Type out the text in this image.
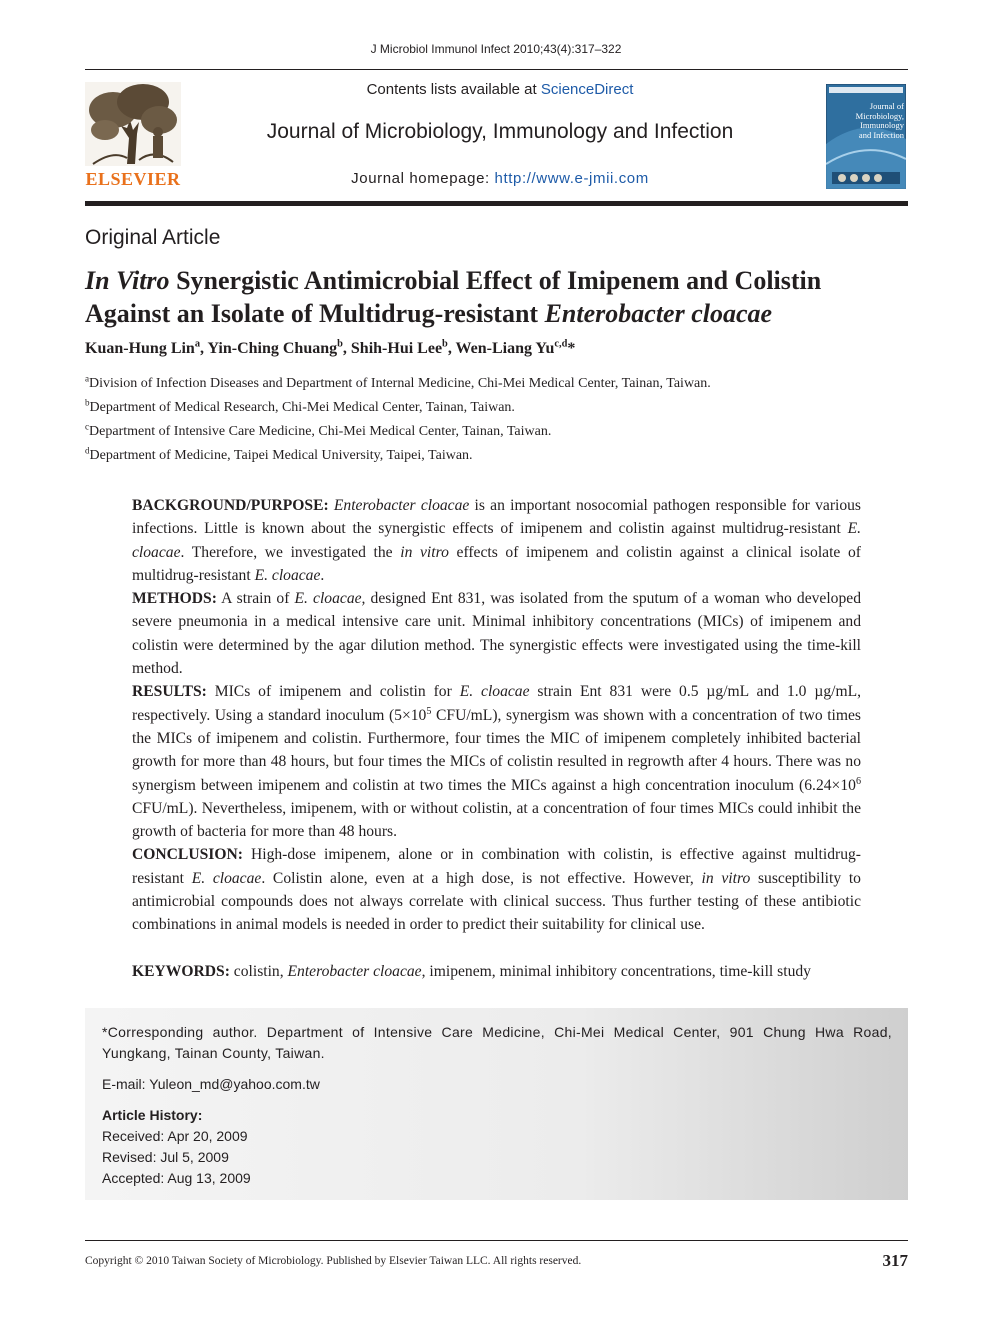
J Microbiol Immunol Infect 2010;43(4):317–322
ELSEVIER
Contents lists available at ScienceDirect
Journal of Microbiology, Immunology and Infection
Journal homepage: http://www.e-jmii.com
Journal of Microbiology, Immunology and Infection
Original Article
In Vitro Synergistic Antimicrobial Effect of Imipenem and Colistin
Against an Isolate of Multidrug-resistant Enterobacter cloacae
Kuan-Hung Lin$^a$, Yin-Ching Chuang$^b$, Shih-Hui Lee$^b$, Wen-Liang Yu$^{c,d}$*
$^a$Division of Infection Diseases and Department of Internal Medicine, Chi-Mei Medical Center, Tainan, Taiwan.
$^b$Department of Medical Research, Chi-Mei Medical Center, Tainan, Taiwan.
$^c$Department of Intensive Care Medicine, Chi-Mei Medical Center, Tainan, Taiwan.
$^d$Department of Medicine, Taipei Medical University, Taipei, Taiwan.

BACKGROUND/PURPOSE: Enterobacter cloacae is an important nosocomial pathogen responsible for various infections. Little is known about the synergistic effects of imipenem and colistin against multidrug-resistant E. cloacae. Therefore, we investigated the in vitro effects of imipenem and colistin against a clinical isolate of multidrug-resistant E. cloacae.

METHODS: A strain of E. cloacae, designed Ent 831, was isolated from the sputum of a woman who developed severe pneumonia in a medical intensive care unit. Minimal inhibitory concentrations (MICs) of imipenem and colistin were determined by the agar dilution method. The synergistic effects were investigated using the time-kill method.

RESULTS: MICs of imipenem and colistin for E. cloacae strain Ent 831 were 0.5 µg/mL and 1.0 µg/mL, respectively. Using a standard inoculum ($5\times 10^5$ CFU/mL), synergism was shown with a concentration of two times the MICs of imipenem and colistin. Furthermore, four times the MIC of imipenem completely inhibited bacterial growth for more than 48 hours, but four times the MICs of colistin resulted in regrowth after 4 hours. There was no synergism between imipenem and colistin at two times the MICs against a high concentration inoculum ($6.24\times 10^6$ CFU/mL). Nevertheless, imipenem, with or without colistin, at a concentration of four times MICs could inhibit the growth of bacteria for more than 48 hours.

CONCLUSION: High-dose imipenem, alone or in combination with colistin, is effective against multidrug-resistant E. cloacae. Colistin alone, even at a high dose, is not effective. However, in vitro susceptibility to antimicrobial compounds does not always correlate with clinical success. Thus further testing of these antibiotic combinations in animal models is needed in order to predict their suitability for clinical use.

KEYWORDS: colistin, Enterobacter cloacae, imipenem, minimal inhibitory concentrations, time-kill study
*Corresponding author. Department of Intensive Care Medicine, Chi-Mei Medical Center, 901 Chung Hwa Road, Yungkang, Tainan County, Taiwan.
E-mail: Yuleon_md@yahoo.com.tw
Article History:
Received: Apr 20, 2009
Revised: Jul 5, 2009
Accepted: Aug 13, 2009
Copyright © 2010 Taiwan Society of Microbiology. Published by Elsevier Taiwan LLC. All rights reserved.	317
